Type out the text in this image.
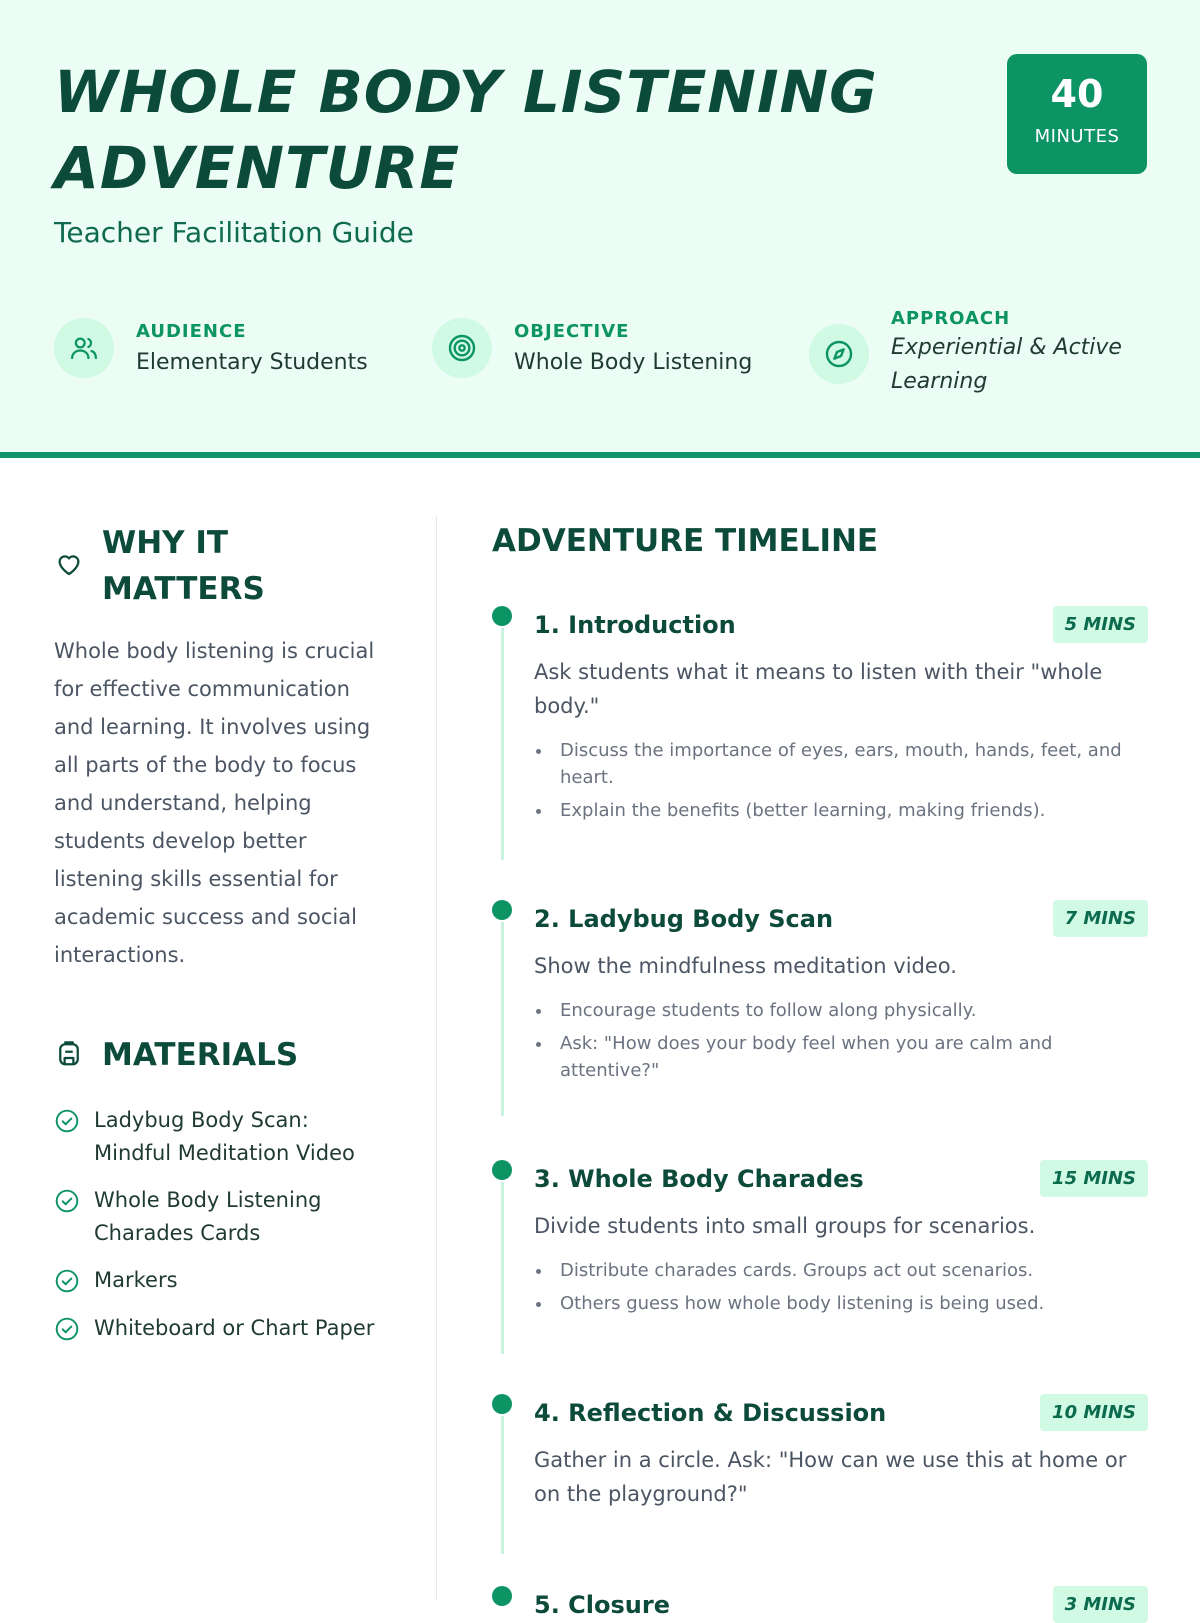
WHOLE BODY LISTENING ADVENTURE
Teacher Facilitation Guide
40
MINUTES
AUDIENCE
Elementary Students
OBJECTIVE
Whole Body Listening
APPROACH
Experiential & Active Learning
WHY IT MATTERS

Whole body listening is crucial for effective communication and learning. It involves using all parts of the body to focus and understand, helping students develop better listening skills essential for academic success and social interactions.

MATERIALS
Ladybug Body Scan: Mindful Meditation Video
Whole Body Listening Charades Cards
Markers
Whiteboard or Chart Paper
ADVENTURE TIMELINE
1. Introduction	5 MINS

Ask students what it means to listen with their "whole body."

Discuss the importance of eyes, ears, mouth, hands, feet, and heart.
Explain the benefits (better learning, making friends).
2. Ladybug Body Scan	7 MINS

Show the mindfulness meditation video.

Encourage students to follow along physically.
Ask: "How does your body feel when you are calm and attentive?"
3. Whole Body Charades	15 MINS

Divide students into small groups for scenarios.

Distribute charades cards. Groups act out scenarios.
Others guess how whole body listening is being used.
4. Reflection & Discussion	10 MINS

Gather in a circle. Ask: "How can we use this at home or on the playground?"

5. Closure	3 MINS
